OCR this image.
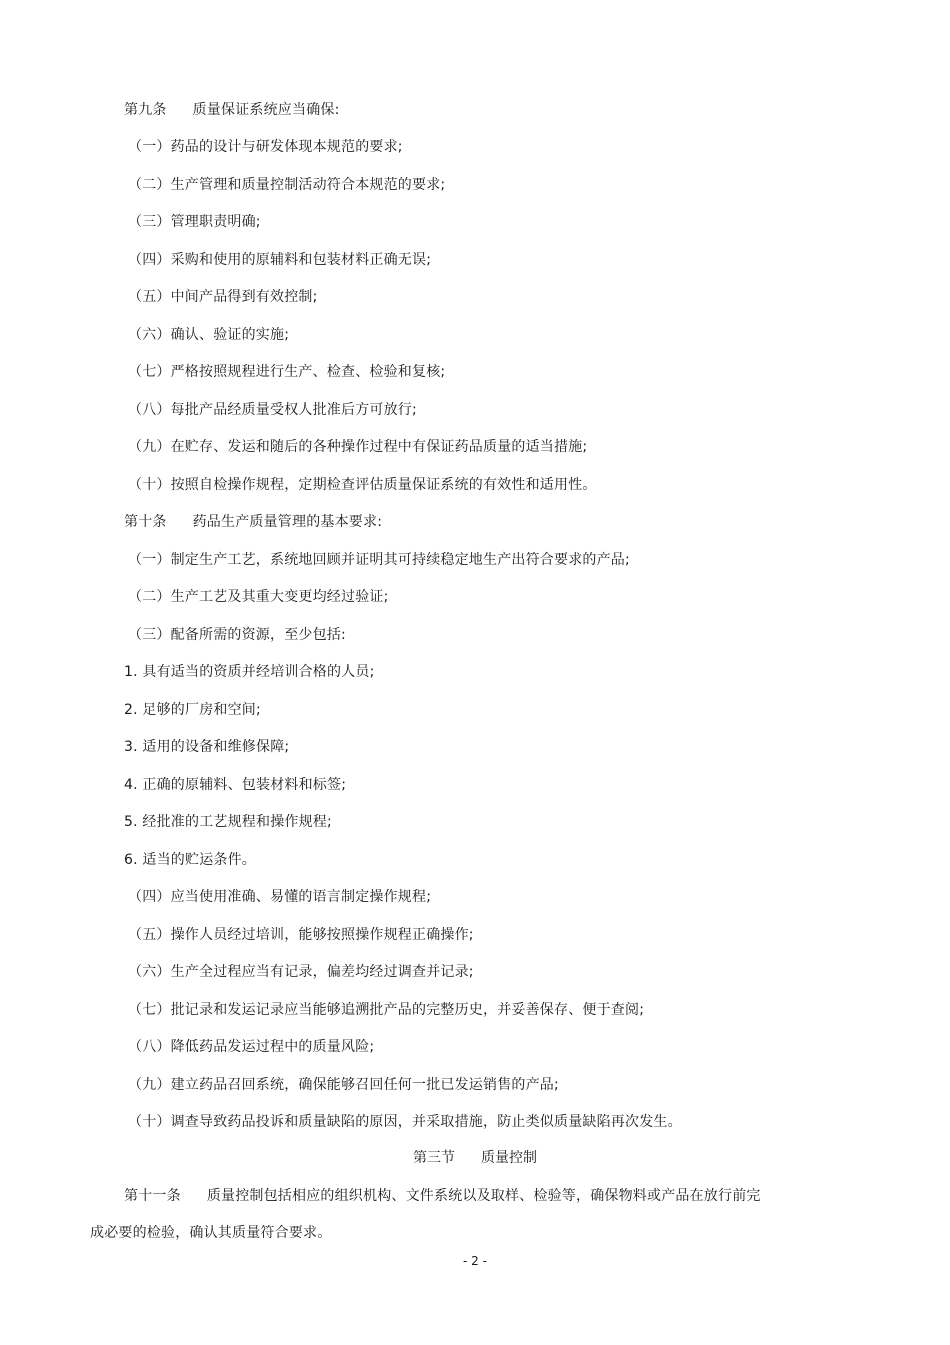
第九条 质量保证系统应当确保:
（一）药品的设计与研发体现本规范的要求;
（二）生产管理和质量控制活动符合本规范的要求;
（三）管理职责明确;
（四）采购和使用的原辅料和包装材料正确无误;
（五）中间产品得到有效控制;
（六）确认、验证的实施;
（七）严格按照规程进行生产、检查、检验和复核;
（八）每批产品经质量受权人批准后方可放行;
（九）在贮存、发运和随后的各种操作过程中有保证药品质量的适当措施;
（十）按照自检操作规程，定期检查评估质量保证系统的有效性和适用性。
第十条 药品生产质量管理的基本要求:
（一）制定生产工艺，系统地回顾并证明其可持续稳定地生产出符合要求的产品;
（二）生产工艺及其重大变更均经过验证;
（三）配备所需的资源，至少包括:
1. 具有适当的资质并经培训合格的人员;
2. 足够的厂房和空间;
3. 适用的设备和维修保障;
4. 正确的原辅料、包装材料和标签;
5. 经批准的工艺规程和操作规程;
6. 适当的贮运条件。
（四）应当使用准确、易懂的语言制定操作规程;
（五）操作人员经过培训，能够按照操作规程正确操作;
（六）生产全过程应当有记录，偏差均经过调查并记录;
（七）批记录和发运记录应当能够追溯批产品的完整历史，并妥善保存、便于查阅;
（八）降低药品发运过程中的质量风险;
（九）建立药品召回系统，确保能够召回任何一批已发运销售的产品;
（十）调查导致药品投诉和质量缺陷的原因，并采取措施，防止类似质量缺陷再次发生。
第三节 质量控制
第十一条 质量控制包括相应的组织机构、文件系统以及取样、检验等，确保物料或产品在放行前完
成必要的检验，确认其质量符合要求。
- 2 -
